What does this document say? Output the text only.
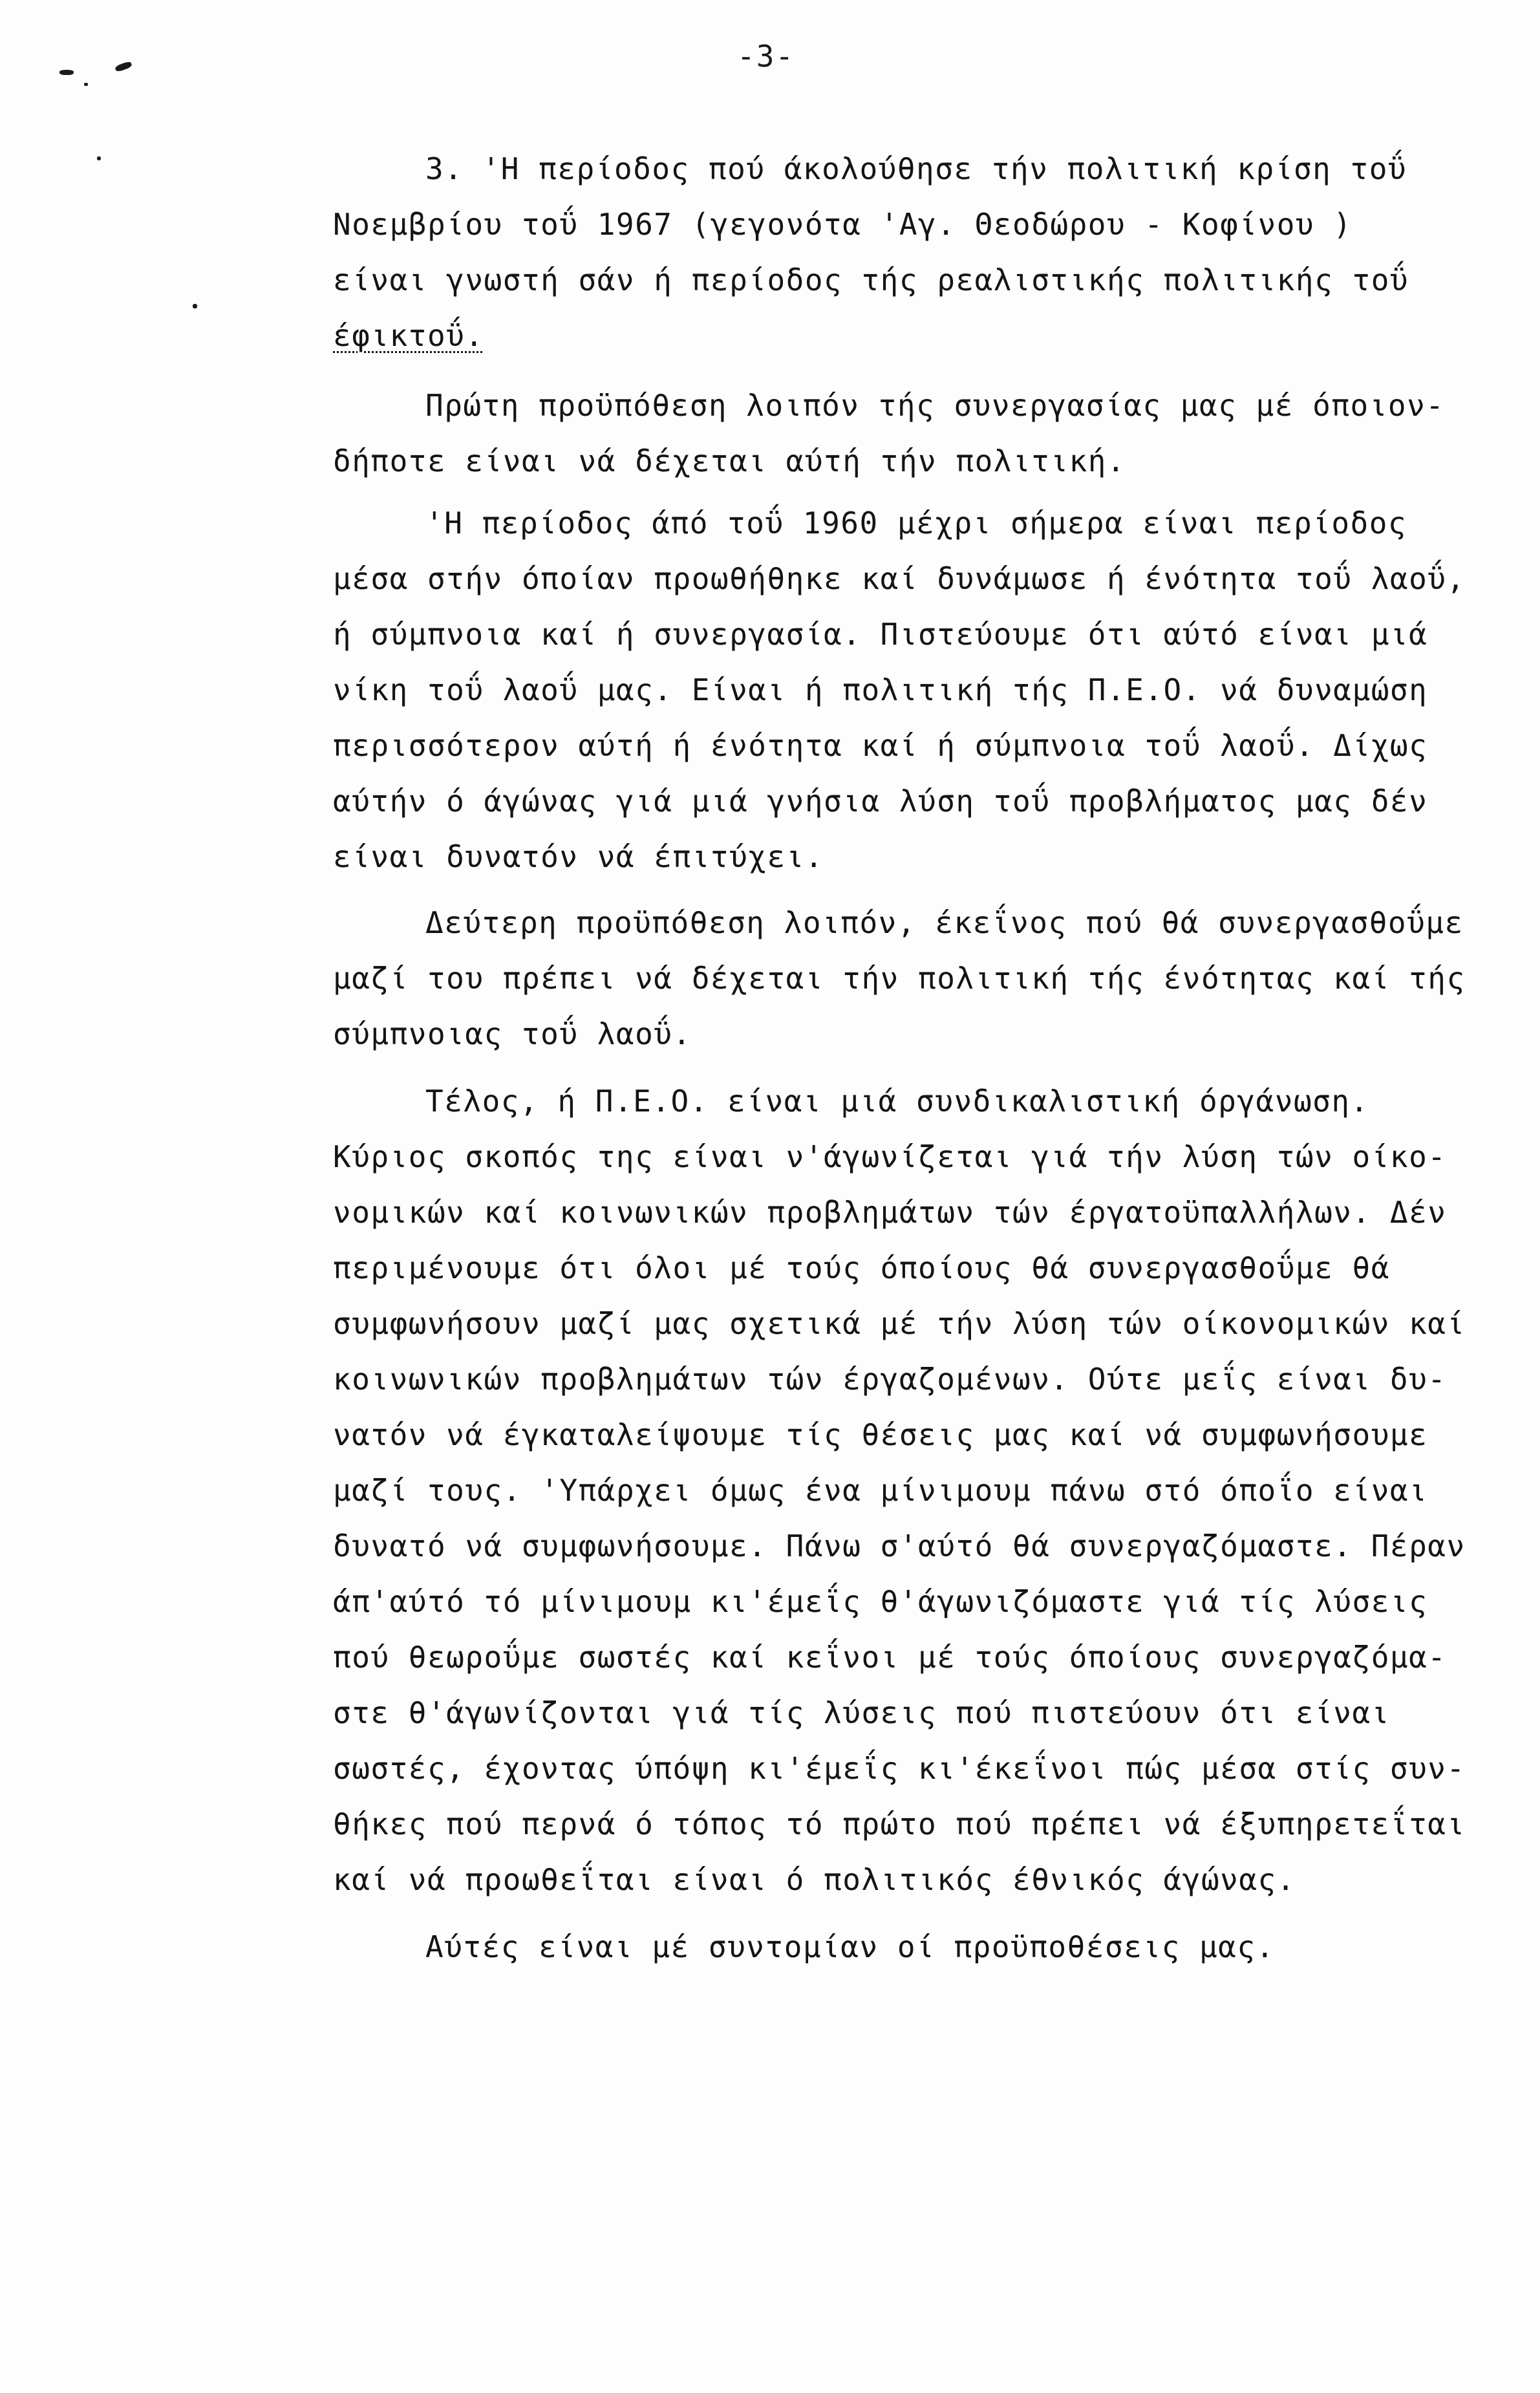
-3-
3. 'Η περίοδος πού άκολούθησε τήν πολιτική κρίση τοΰ
Νοεμβρίου τοΰ 1967 (γεγονότα 'Αγ. Θεοδώρου - Κοφίνου )
είναι γνωστή σάν ή περίοδος τής ρεαλιστικής πολιτικής τοΰ
έφικτοΰ.
Πρώτη προϋπόθεση λοιπόν τής συνεργασίας μας μέ όποιον-
δήποτε είναι νά δέχεται αύτή τήν πολιτική.
'Η περίοδος άπό τοΰ 1960 μέχρι σήμερα είναι περίοδος
μέσα στήν όποίαν προωθήθηκε καί δυνάμωσε ή ένότητα τοΰ λαοΰ,
ή σύμπνοια καί ή συνεργασία. Πιστεύουμε ότι αύτό είναι μιά
νίκη τοΰ λαοΰ μας. Είναι ή πολιτική τής Π.Ε.Ο. νά δυναμώση
περισσότερον αύτή ή ένότητα καί ή σύμπνοια τοΰ λαοΰ. Δίχως
αύτήν ό άγώνας γιά μιά γνήσια λύση τοΰ προβλήματος μας δέν
είναι δυνατόν νά έπιτύχει.
Δεύτερη προϋπόθεση λοιπόν, έκεΐνος πού θά συνεργασθοΰμε
μαζί του πρέπει νά δέχεται τήν πολιτική τής ένότητας καί τής
σύμπνοιας τοΰ λαοΰ.
Τέλος, ή Π.Ε.Ο. είναι μιά συνδικαλιστική όργάνωση.
Κύριος σκοπός της είναι ν'άγωνίζεται γιά τήν λύση τών οίκο-
νομικών καί κοινωνικών προβλημάτων τών έργατοϋπαλλήλων. Δέν
περιμένουμε ότι όλοι μέ τούς όποίους θά συνεργασθοΰμε θά
συμφωνήσουν μαζί μας σχετικά μέ τήν λύση τών οίκονομικών καί
κοινωνικών προβλημάτων τών έργαζομένων. Ούτε μεΐς είναι δυ-
νατόν νά έγκαταλείψουμε τίς θέσεις μας καί νά συμφωνήσουμε
μαζί τους. 'Υπάρχει όμως ένα μίνιμουμ πάνω στό όποΐο είναι
δυνατό νά συμφωνήσουμε. Πάνω σ'αύτό θά συνεργαζόμαστε. Πέραν
άπ'αύτό τό μίνιμουμ κι'έμεΐς θ'άγωνιζόμαστε γιά τίς λύσεις
πού θεωροΰμε σωστές καί κεΐνοι μέ τούς όποίους συνεργαζόμα-
στε θ'άγωνίζονται γιά τίς λύσεις πού πιστεύουν ότι είναι
σωστές, έχοντας ύπόψη κι'έμεΐς κι'έκεΐνοι πώς μέσα στίς συν-
θήκες πού περνά ό τόπος τό πρώτο πού πρέπει νά έξυπηρετεΐται
καί νά προωθεΐται είναι ό πολιτικός έθνικός άγώνας.
Αύτές είναι μέ συντομίαν οί προϋποθέσεις μας.
